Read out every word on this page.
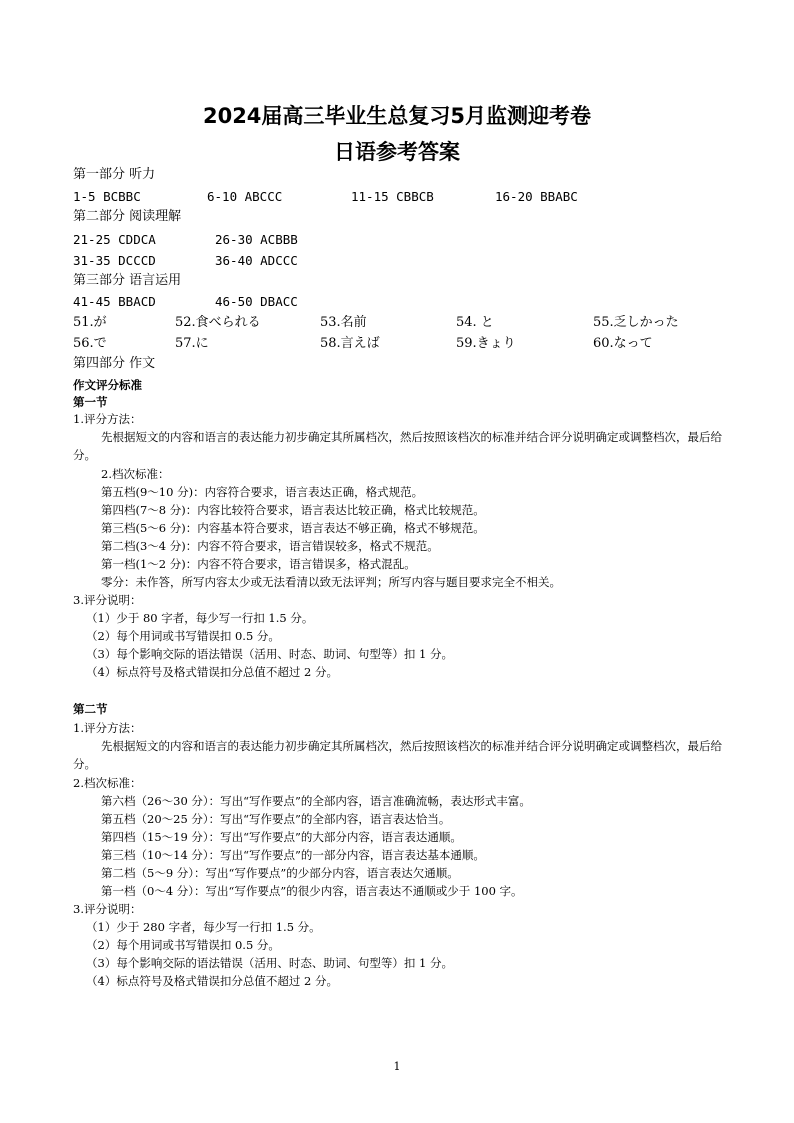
2024届高三毕业生总复习5月监测迎考卷
日语参考答案
第一部分 听力
1-5 BCBBC	6-10 ABCCC	11-15 CBBCB	16-20 BBABC
第二部分 阅读理解
21-25 CDDCA	26-30 ACBBB
31-35 DCCCD	36-40 ADCCC
第三部分 语言运用
41-45 BBACD	46-50 DBACC
51.が	52.食べられる	53.名前	54. と	55.乏しかった
56.で	57.に	58.言えば	59.きょり	60.なって
第四部分 作文
作文评分标准
第一节
1.评分方法：
先根据短文的内容和语言的表达能力初步确定其所属档次，然后按照该档次的标准并结合评分说明确定或调整档次，最后给分。
2.档次标准：
第五档(9～10 分)：内容符合要求，语言表达正确，格式规范。
第四档(7～8 分)：内容比较符合要求，语言表达比较正确，格式比较规范。
第三档(5～6 分)：内容基本符合要求，语言表达不够正确，格式不够规范。
第二档(3～4 分)：内容不符合要求，语言错误较多，格式不规范。
第一档(1～2 分)：内容不符合要求，语言错误多，格式混乱。
零分：未作答，所写内容太少或无法看清以致无法评判；所写内容与题目要求完全不相关。
3.评分说明：
（1）少于 80 字者，每少写一行扣 1.5 分。
（2）每个用词或书写错误扣 0.5 分。
（3）每个影响交际的语法错误（活用、时态、助词、句型等）扣 1 分。
（4）标点符号及格式错误扣分总值不超过 2 分。
第二节
1.评分方法：
先根据短文的内容和语言的表达能力初步确定其所属档次，然后按照该档次的标准并结合评分说明确定或调整档次，最后给分。
2.档次标准：
第六档（26～30 分）：写出“写作要点”的全部内容，语言准确流畅，表达形式丰富。
第五档（20～25 分）：写出“写作要点”的全部内容，语言表达恰当。
第四档（15～19 分）：写出“写作要点”的大部分内容，语言表达通顺。
第三档（10～14 分）：写出“写作要点”的一部分内容，语言表达基本通顺。
第二档（5～9 分）：写出“写作要点”的少部分内容，语言表达欠通顺。
第一档（0～4 分）：写出“写作要点”的很少内容，语言表达不通顺或少于 100 字。
3.评分说明：
（1）少于 280 字者，每少写一行扣 1.5 分。
（2）每个用词或书写错误扣 0.5 分。
（3）每个影响交际的语法错误（活用、时态、助词、句型等）扣 1 分。
（4）标点符号及格式错误扣分总值不超过 2 分。
1
